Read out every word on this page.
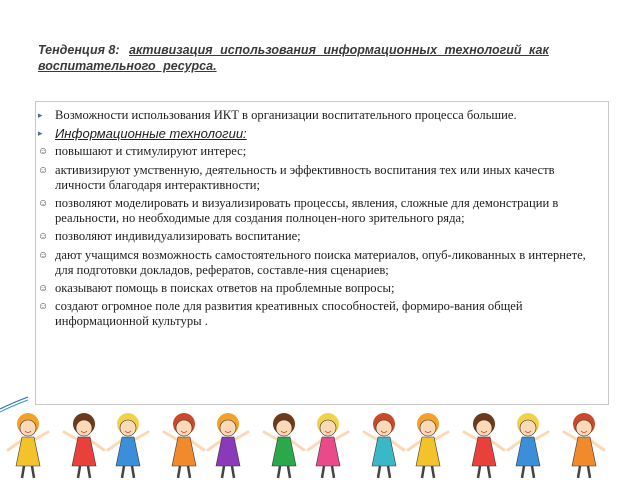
Тенденция 8: активизация использования информационных технологий как воспитательного ресурса.
▸ Возможности использования ИКТ в организации воспитательного процесса большие.
▸ Информационные технологии:
☺ повышают и стимулируют интерес;
☺ активизируют умственную, деятельность и эффективность воспитания тех или иных качеств личности благодаря интерактивности;
☺ позволяют моделировать и визуализировать процессы, явления, сложные для демонстрации в реальности, но необходимые для создания полноцен-ного зрительного ряда;
☺ позволяют индивидуализировать воспитание;
☺ дают учащимся возможность самостоятельного поиска материалов, опуб-ликованных в интернете, для подготовки докладов, рефератов, составле-ния сценариев;
☺ оказывают помощь в поисках ответов на проблемные вопросы;
☺ создают огромное поле для развития креативных способностей, формиро-вания общей информационной культуры .
